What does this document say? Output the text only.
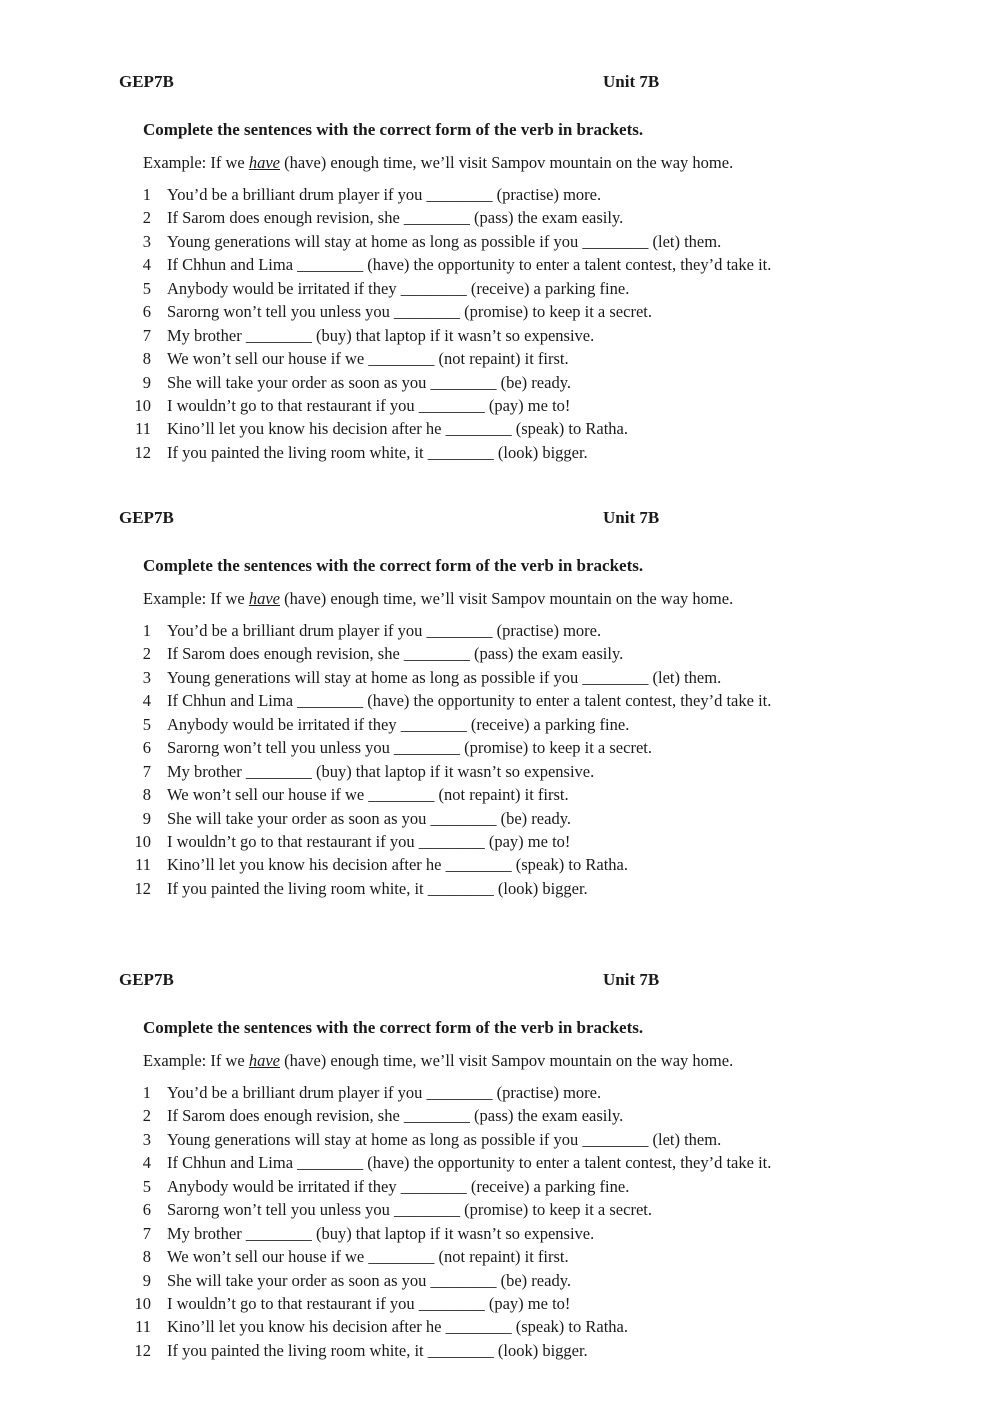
GEP7B	Unit 7B
Complete the sentences with the correct form of the verb in brackets.
Example: If we have (have) enough time, we’ll visit Sampov mountain on the way home.
1 You’d be a brilliant drum player if you ________ (practise) more.
2 If Sarom does enough revision, she ________ (pass) the exam easily.
3 Young generations will stay at home as long as possible if you ________ (let) them.
4 If Chhun and Lima ________ (have) the opportunity to enter a talent contest, they’d take it.
5 Anybody would be irritated if they ________ (receive) a parking fine.
6 Sarorng won’t tell you unless you ________ (promise) to keep it a secret.
7 My brother ________ (buy) that laptop if it wasn’t so expensive.
8 We won’t sell our house if we ________ (not repaint) it first.
9 She will take your order as soon as you ________ (be) ready.
10 I wouldn’t go to that restaurant if you ________ (pay) me to!
11 Kino’ll let you know his decision after he ________ (speak) to Ratha.
12 If you painted the living room white, it ________ (look) bigger.
GEP7B	Unit 7B
Complete the sentences with the correct form of the verb in brackets.
Example: If we have (have) enough time, we’ll visit Sampov mountain on the way home.
1 You’d be a brilliant drum player if you ________ (practise) more.
2 If Sarom does enough revision, she ________ (pass) the exam easily.
3 Young generations will stay at home as long as possible if you ________ (let) them.
4 If Chhun and Lima ________ (have) the opportunity to enter a talent contest, they’d take it.
5 Anybody would be irritated if they ________ (receive) a parking fine.
6 Sarorng won’t tell you unless you ________ (promise) to keep it a secret.
7 My brother ________ (buy) that laptop if it wasn’t so expensive.
8 We won’t sell our house if we ________ (not repaint) it first.
9 She will take your order as soon as you ________ (be) ready.
10 I wouldn’t go to that restaurant if you ________ (pay) me to!
11 Kino’ll let you know his decision after he ________ (speak) to Ratha.
12 If you painted the living room white, it ________ (look) bigger.
GEP7B	Unit 7B
Complete the sentences with the correct form of the verb in brackets.
Example: If we have (have) enough time, we’ll visit Sampov mountain on the way home.
1 You’d be a brilliant drum player if you ________ (practise) more.
2 If Sarom does enough revision, she ________ (pass) the exam easily.
3 Young generations will stay at home as long as possible if you ________ (let) them.
4 If Chhun and Lima ________ (have) the opportunity to enter a talent contest, they’d take it.
5 Anybody would be irritated if they ________ (receive) a parking fine.
6 Sarorng won’t tell you unless you ________ (promise) to keep it a secret.
7 My brother ________ (buy) that laptop if it wasn’t so expensive.
8 We won’t sell our house if we ________ (not repaint) it first.
9 She will take your order as soon as you ________ (be) ready.
10 I wouldn’t go to that restaurant if you ________ (pay) me to!
11 Kino’ll let you know his decision after he ________ (speak) to Ratha.
12 If you painted the living room white, it ________ (look) bigger.
